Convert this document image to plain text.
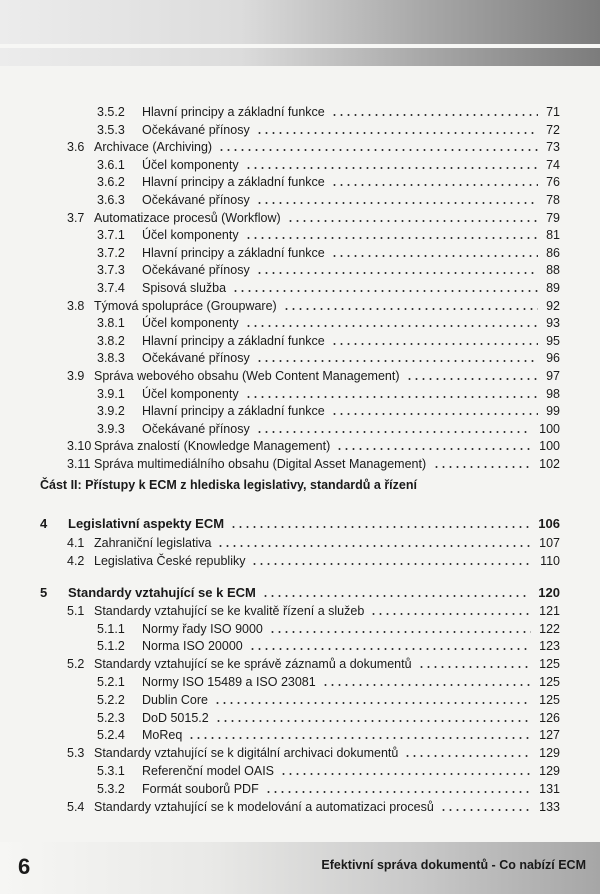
3.5.2 Hlavní principy a základní funkce	71
3.5.3 Očekávané přínosy	72
3.6 Archivace (Archiving)	73
3.6.1 Účel komponenty	74
3.6.2 Hlavní principy a základní funkce	76
3.6.3 Očekávané přínosy	78
3.7 Automatizace procesů (Workflow)	79
3.7.1 Účel komponenty	81
3.7.2 Hlavní principy a základní funkce	86
3.7.3 Očekávané přínosy	88
3.7.4 Spisová služba	89
3.8 Týmová spolupráce (Groupware)	92
3.8.1 Účel komponenty	93
3.8.2 Hlavní principy a základní funkce	95
3.8.3 Očekávané přínosy	96
3.9 Správa webového obsahu (Web Content Management)	97
3.9.1 Účel komponenty	98
3.9.2 Hlavní principy a základní funkce	99
3.9.3 Očekávané přínosy	100
3.10 Správa znalostí (Knowledge Management)	100
3.11 Správa multimediálního obsahu (Digital Asset Management)	102
4 Legislativní aspekty ECM	106
4.1 Zahraniční legislativa	107
4.2 Legislativa České republiky	110
5 Standardy vztahující se k ECM	120
5.1 Standardy vztahující se ke kvalitě řízení a služeb	121
5.1.1 Normy řady ISO 9000	122
5.1.2 Norma ISO 20000	123
5.2 Standardy vztahující se ke správě záznamů a dokumentů	125
5.2.1 Normy ISO 15489 a ISO 23081	125
5.2.2 Dublin Core	125
5.2.3 DoD 5015.2	126
5.2.4 MoReq	127
5.3 Standardy vztahující se k digitální archivaci dokumentů	129
5.3.1 Referenční model OAIS	129
5.3.2 Formát souborů PDF	131
5.4 Standardy vztahující se k modelování a automatizaci procesů	133
Část II: Přístupy k ECM z hlediska legislativy, standardů a řízení
6	Efektivní správa dokumentů - Co nabízí ECM
